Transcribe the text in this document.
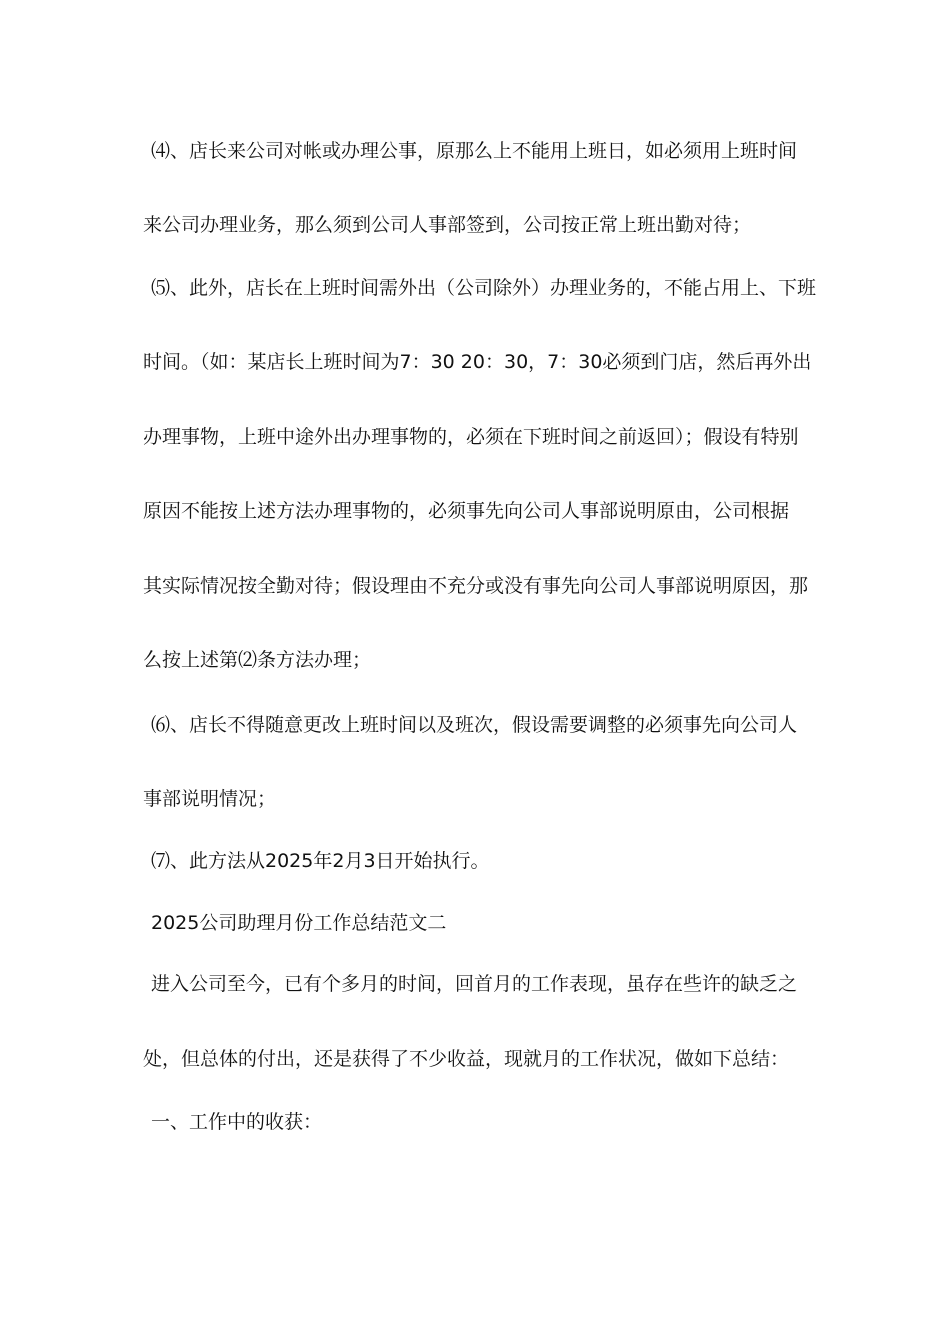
⑷、店长来公司对帐或办理公事，原那么上不能用上班日，如必须用上班时间
来公司办理业务，那么须到公司人事部签到，公司按正常上班出勤对待；
⑸、此外，店长在上班时间需外出（公司除外）办理业务的，不能占用上、下班
时间。（如：某店长上班时间为7：30 20：30，7：30必须到门店，然后再外出
办理事物，上班中途外出办理事物的，必须在下班时间之前返回）；假设有特别
原因不能按上述方法办理事物的，必须事先向公司人事部说明原由，公司根据
其实际情况按全勤对待；假设理由不充分或没有事先向公司人事部说明原因，那
么按上述第⑵条方法办理；
⑹、店长不得随意更改上班时间以及班次，假设需要调整的必须事先向公司人
事部说明情况；
⑺、此方法从2025年2月3日开始执行。
2025公司助理月份工作总结范文二
进入公司至今，已有个多月的时间，回首月的工作表现，虽存在些许的缺乏之
处，但总体的付出，还是获得了不少收益，现就月的工作状况，做如下总结：
一、工作中的收获：
